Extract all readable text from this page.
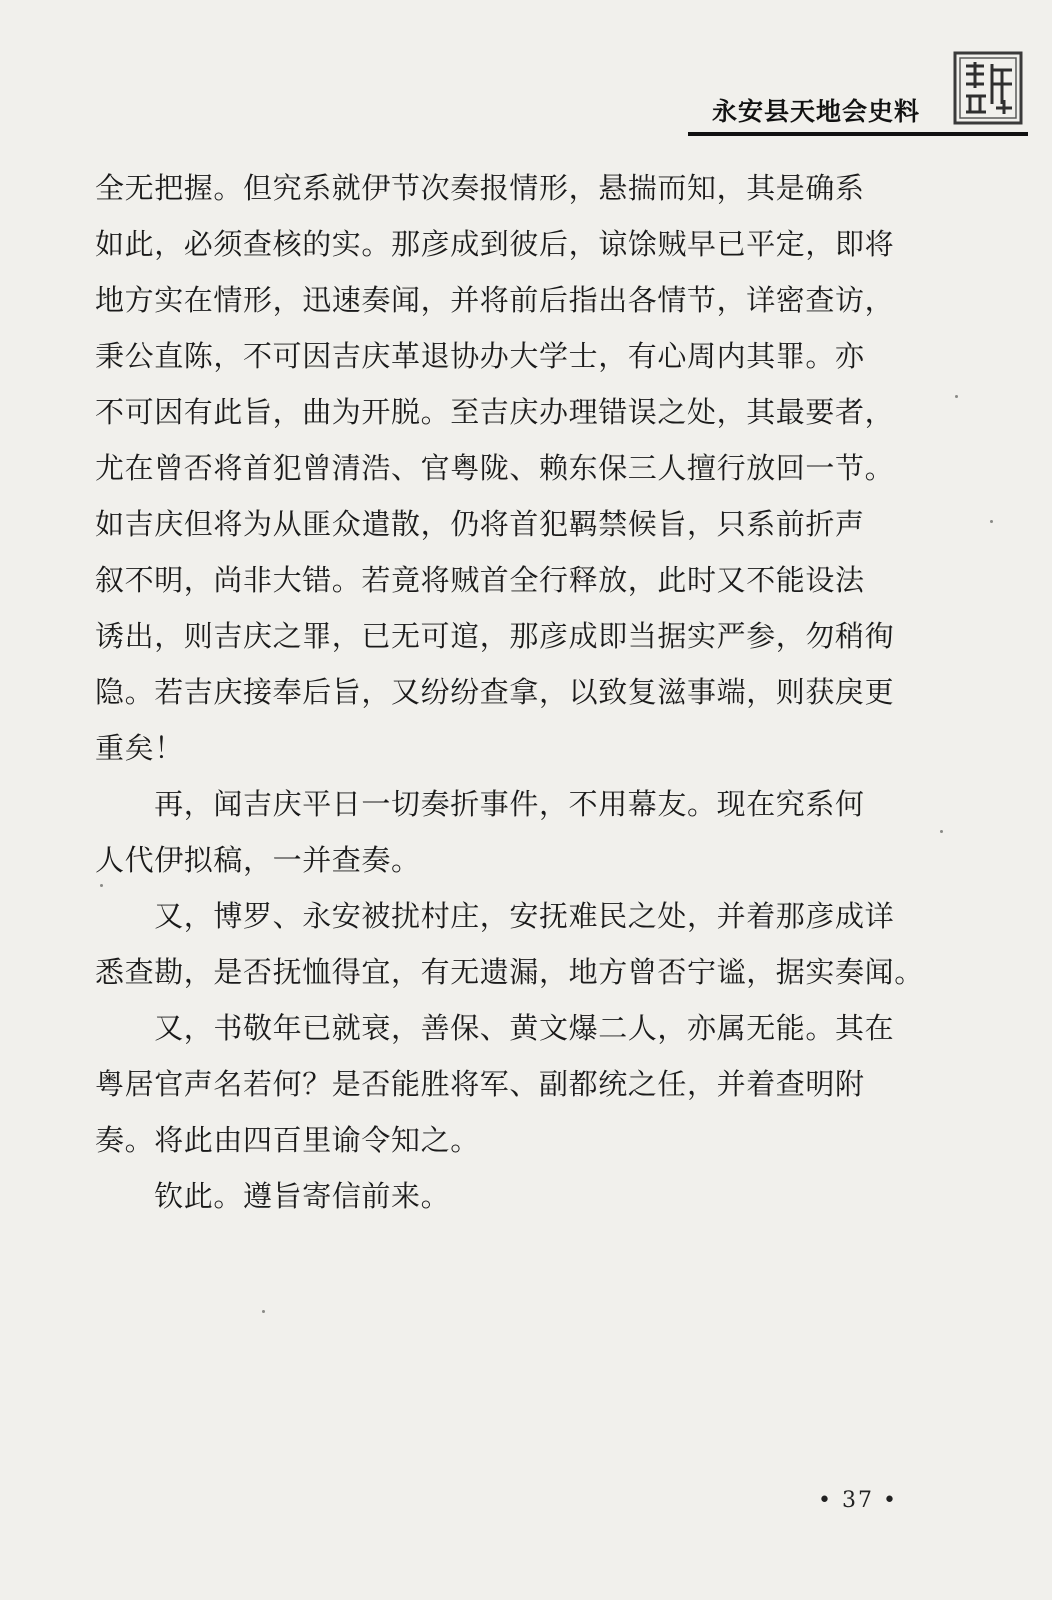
永安县天地会史料
全无把握。但究系就伊节次奏报情形，悬揣而知，其是确系
如此，必须查核的实。那彦成到彼后，谅馀贼早已平定，即将
地方实在情形，迅速奏闻，并将前后指出各情节，详密查访，
秉公直陈，不可因吉庆革退协办大学士，有心周内其罪。亦
不可因有此旨，曲为开脱。至吉庆办理错误之处，其最要者，
尤在曾否将首犯曾清浩、官粤陇、赖东保三人擅行放回一节。
如吉庆但将为从匪众遣散，仍将首犯羁禁候旨，只系前折声
叙不明，尚非大错。若竟将贼首全行释放，此时又不能设法
诱出，则吉庆之罪，已无可逭，那彦成即当据实严参，勿稍徇
隐。若吉庆接奉后旨，又纷纷查拿，以致复滋事端，则获戾更
重矣！
　　再，闻吉庆平日一切奏折事件，不用幕友。现在究系何
人代伊拟稿，一并查奏。
　　又，博罗、永安被扰村庄，安抚难民之处，并着那彦成详
悉查勘，是否抚恤得宜，有无遗漏，地方曾否宁谧，据实奏闻。
　　又，书敬年已就衰，善保、黄文爆二人，亦属无能。其在
粤居官声名若何？是否能胜将军、副都统之任，并着查明附
奏。将此由四百里谕令知之。
　　钦此。遵旨寄信前来。
• 37 •
